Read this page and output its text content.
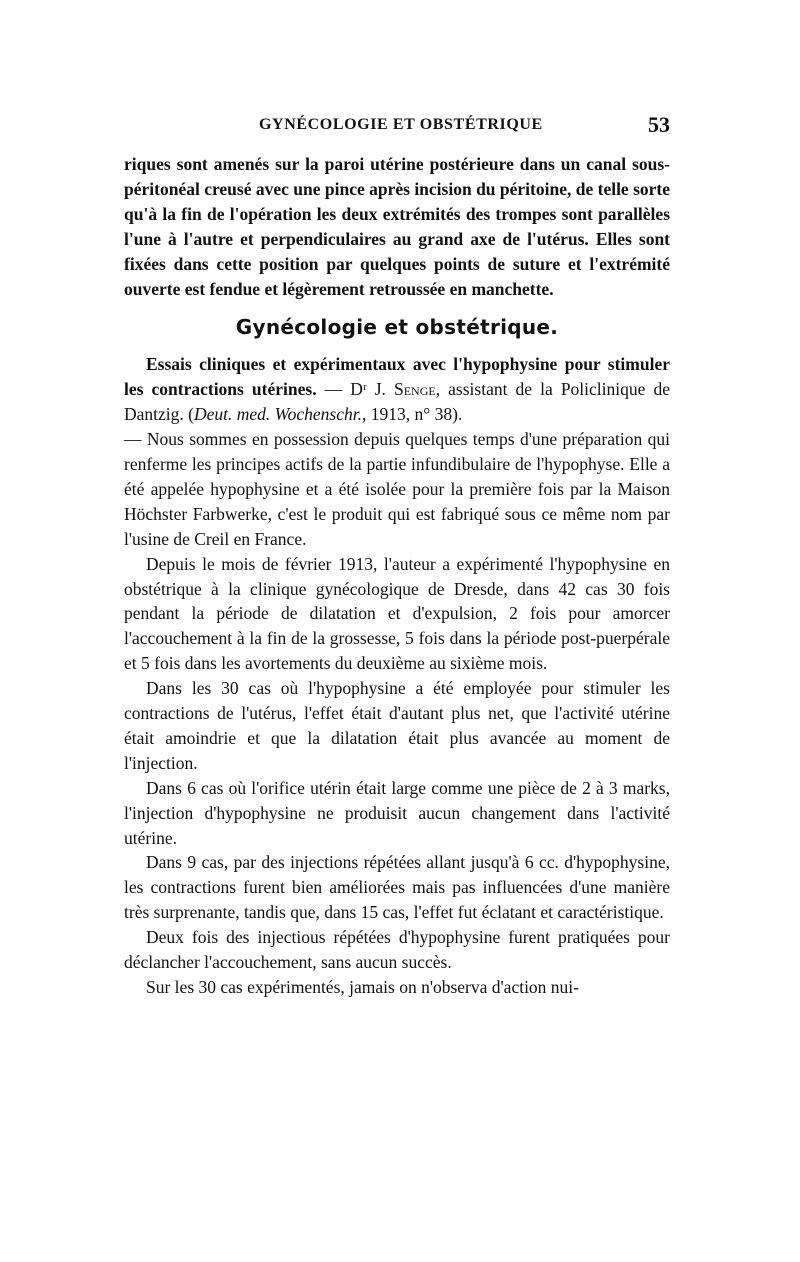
GYNÉCOLOGIE ET OBSTÉTRIQUE	53

riques sont amenés sur la paroi utérine postérieure dans un canal sous-péritonéal creusé avec une pince après incision du péritoine, de telle sorte qu'à la fin de l'opération les deux extrémités des trompes sont parallèles l'une à l'autre et perpendiculaires au grand axe de l'utérus. Elles sont fixées dans cette position par quelques points de suture et l'extrémité ouverte est fendue et légèrement retroussée en manchette.

Gynécologie et obstétrique.

Essais cliniques et expérimentaux avec l'hypophysine pour stimuler les contractions utérines. — Dʳ J. Senge, assistant de la Policlinique de Dantzig. (Deut. med. Wochenschr., 1913, n° 38).

— Nous sommes en possession depuis quelques temps d'une préparation qui renferme les principes actifs de la partie infundibulaire de l'hypophyse. Elle a été appelée hypophysine et a été isolée pour la première fois par la Maison Höchster Farbwerke, c'est le produit qui est fabriqué sous ce même nom par l'usine de Creil en France.

Depuis le mois de février 1913, l'auteur a expérimenté l'hypophysine en obstétrique à la clinique gynécologique de Dresde, dans 42 cas 30 fois pendant la période de dilatation et d'expulsion, 2 fois pour amorcer l'accouchement à la fin de la grossesse, 5 fois dans la période post-puerpérale et 5 fois dans les avortements du deuxième au sixième mois.

Dans les 30 cas où l'hypophysine a été employée pour stimuler les contractions de l'utérus, l'effet était d'autant plus net, que l'activité utérine était amoindrie et que la dilatation était plus avancée au moment de l'injection.

Dans 6 cas où l'orifice utérin était large comme une pièce de 2 à 3 marks, l'injection d'hypophysine ne produisit aucun changement dans l'activité utérine.

Dans 9 cas, par des injections répétées allant jusqu'à 6 cc. d'hypophysine, les contractions furent bien améliorées mais pas influencées d'une manière très surprenante, tandis que, dans 15 cas, l'effet fut éclatant et caractéristique.

Deux fois des injectious répétées d'hypophysine furent pratiquées pour déclancher l'accouchement, sans aucun succès.

Sur les 30 cas expérimentés, jamais on n'observa d'action nui-
